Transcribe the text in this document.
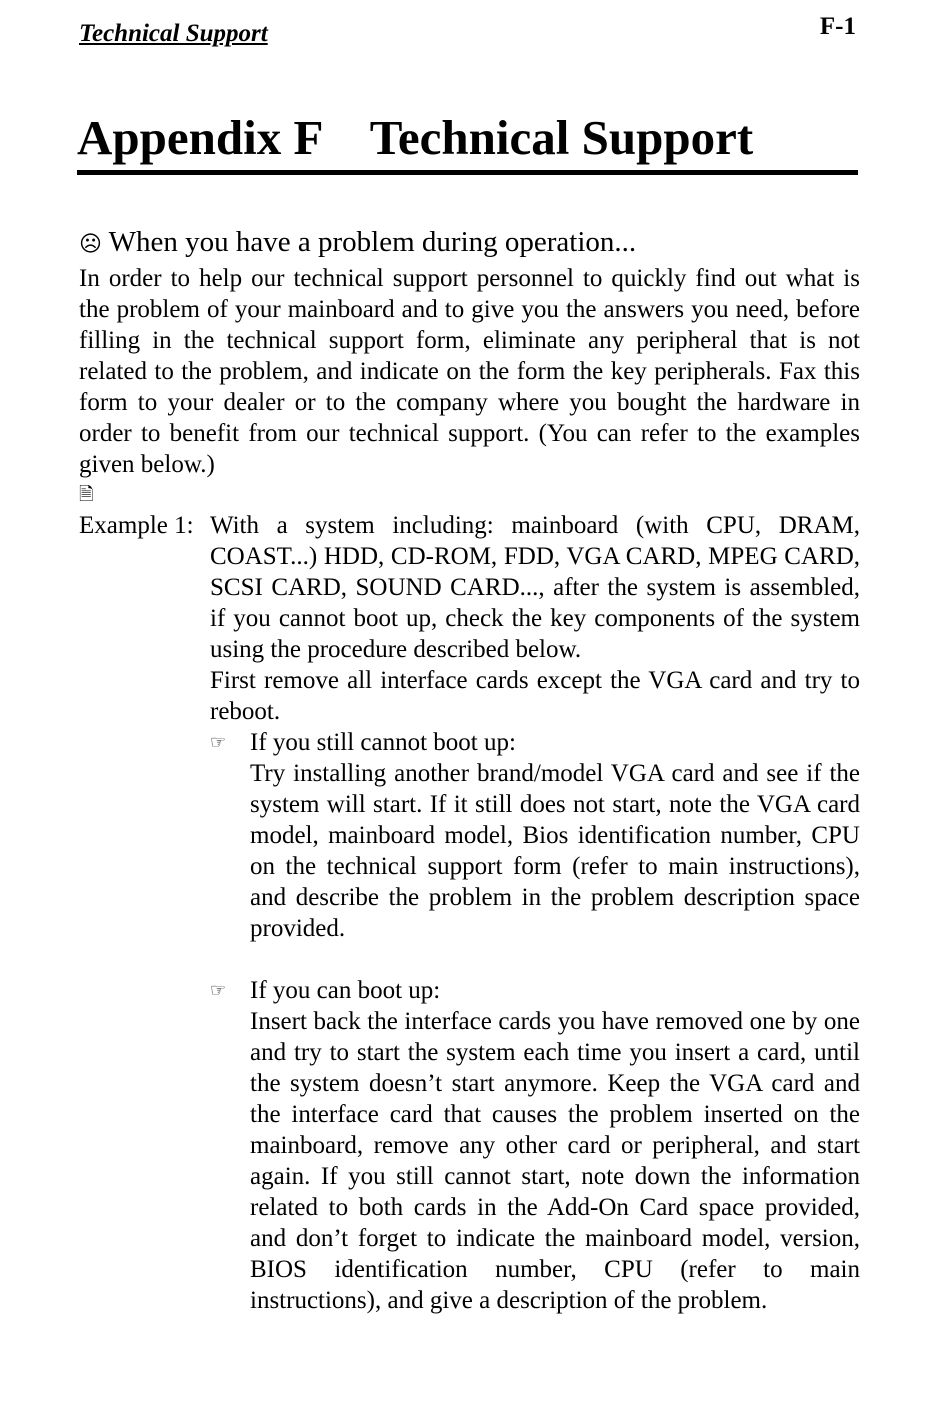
Technical Support	F-1
Appendix F    Technical Support

☹ When you have a problem during operation...

In order to help our technical support personnel to quickly find out what is the problem of your mainboard and to give you the answers you need, before filling in the technical support form, eliminate any peripheral that is not related to the problem, and indicate on the form the key peripherals. Fax this form to your dealer or to the company where you bought the hardware in order to benefit from our technical support. (You can refer to the examples given below.)

🗎
Example 1: With a system including: mainboard (with CPU, DRAM, COAST...) HDD, CD-ROM, FDD, VGA CARD, MPEG CARD, SCSI CARD, SOUND CARD..., after the system is assembled, if you cannot boot up, check the key components of the system using the procedure described below.

First remove all interface cards except the VGA card and try to reboot.

☞ If you still cannot boot up:

Try installing another brand/model VGA card and see if the system will start. If it still does not start, note the VGA card model, mainboard model, Bios identification number, CPU on the technical support form (refer to main instructions), and describe the problem in the problem description space provided.

☞ If you can boot up:

Insert back the interface cards you have removed one by one and try to start the system each time you insert a card, until the system doesn’t start anymore. Keep the VGA card and the interface card that causes the problem inserted on the mainboard, remove any other card or peripheral, and start again. If you still cannot start, note down the information related to both cards in the Add-On Card space provided, and don’t forget to indicate the mainboard model, version, BIOS identification number, CPU (refer to main instructions), and give a description of the problem.
